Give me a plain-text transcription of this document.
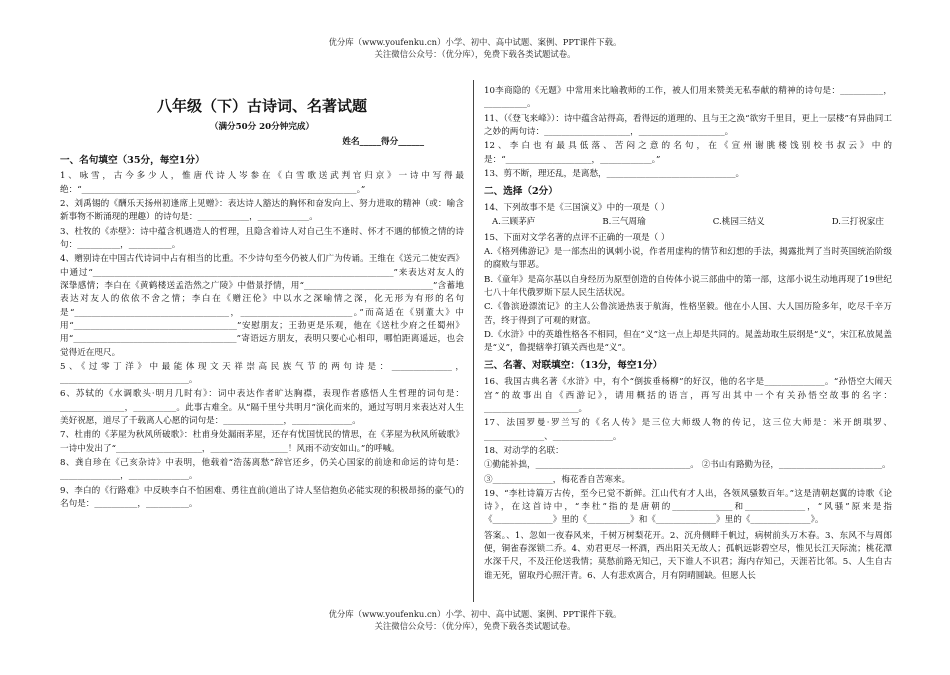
优分库（www.youfenku.cn）小学、初中、高中试题、案例、PPT课件下载。
关注微信公众号：（优分库），免费下载各类试题试卷。
八年级（下）古诗词、名著试题
（满分50分 20分钟完成）
姓名_____得分______
一、名句填空（35分，每空1分）
1、咏雪，古今多少人，惟唐代诗人岑参在《白雪歌送武判官归京》一诗中写得最绝：“________________________________________________________________。”
2、刘禹锡的《酬乐天扬州初逢席上见赠》：表达诗人豁达的胸怀和奋发向上、努力进取的精神（或：喻含新事物不断涌现的理趣）的诗句是：____________，____________。
3、杜牧的《赤壁》：诗中蕴含机遇造人的哲理，且隐含着诗人对自己生不逢时、怀才不遇的郁愤之情的诗句：__________，__________。
4、赠别诗在中国古代诗词中占有相当的比重。不少诗句至今仍被人们广为传诵。王维在《送元二使安西》中通过“______________________________________________________________________”来表达对友人的深挚感情；李白在《黄鹤楼送孟浩然之广陵》中借景抒情，用“______________________________”含蓄地表达对友人的依依不舍之情；李白在《赠汪伦》中以水之深喻情之深，化无形为有形的名句是“____________________________________，__________________________。”而高适在《别董大》中用“______________________________________”安慰朋友；王勃更是乐观，他在《送杜少府之任蜀州》用“______________________________________”寄语远方朋友，表明只要心心相印，哪怕距离遥远，也会觉得近在咫尺。
5、《过零丁洋》中最能体现文天祥崇高民族气节的两句诗是：______________，______________________________。
6、苏轼的《水调歌头·明月几时有》：词中表达作者旷达胸襟，表现作者感悟人生哲理的词句是：_______________，__________。此事古难全。从“隔千里兮共明月”演化而来的，通过写明月来表达对人生美好祝愿，道尽了千载离人心愿的词句是：______________，______________。
7、杜甫的《茅屋为秋风所破歌》：杜甫身处漏雨茅屋，还存有忧国忧民的情思，在《茅屋为秋风所破歌》一诗中发出了“____________________，__________________！风雨不动安如山。”的呼喊。
8、龚自珍在《己亥杂诗》中表明，他载着“浩荡离愁”辞官还乡，仍关心国家的前途和命运的诗句是：______________，______________。
9、李白的《行路难》中反映李白不怕困难、勇往直前(道出了诗人坚信抱负必能实现的积极昂扬的豪气)的名句是：__________，__________。
10李商隐的《无题》中常用来比喻教师的工作，被人们用来赞美无私奉献的精神的诗句是：__________，__________。
11、（《登飞来峰》）：诗中蕴含站得高，看得远的道理的、且与王之涣“欲穷千里目，更上一层楼”有异曲同工之妙的两句诗：____________________，____________________。
12、李白也有最具低落、苦闷之意的名句，在《宣州谢朓楼饯别校书叔云》中的是：“____________________，____________。”
13、剪不断，理还乱，是离愁，______________________________。
二、选择（2分）
14、下列故事不是《三国演义》中的一项是（ ）
A.三顾茅庐	B.三气周瑜	C.桃园三结义	D.三打祝家庄
15、下面对文学名著的点评不正确的一项是（ ）
A.《格列佛游记》是一部杰出的讽刺小说，作者用虚构的情节和幻想的手法，揭露批判了当时英国统治阶级的腐败与罪恶。
B.《童年》是高尔基以自身经历为原型创造的自传体小说三部曲中的第一部，这部小说生动地再现了19世纪七八十年代俄罗斯下层人民生活状况。
C.《鲁滨逊漂流记》的主人公鲁滨逊热衷于航海，性格坚毅。他在小人国、大人国历险多年，吃尽千辛万苦，终于得到了可观的财富。
D.《水浒》中的英雄性格各不相同，但在“义”这一点上却是共同的。晁盖劫取生辰纲是“义”，宋江私放晁盖是“义”，鲁提辖拳打镇关西也是“义”。
三、名著、对联填空：（13分，每空1分）
16、我国古典名著《水浒》中，有个“倒拔垂杨柳”的好汉，他的名字是______________。“孙悟空大闹天宫”的故事出自《西游记》，请用概括的语言，再写出其中一个有关孙悟空故事的名字：______________________。
17、法国罗曼·罗兰写的《名人传》是三位大师级人物的传记，这三位大师是：米开朗琪罗、______________、______________。
18、对动学的名联：
①勤能补拙，____________________________________。 ②书山有路勤为径，________________________。
③______________，梅花香自苦寒来。
19、“李杜诗篇万古传，至今已觉不新鲜。江山代有才人出，各领风骚数百年。”这是清朝赵翼的诗歌《论诗》，在这首诗中，“李杜”指的是唐朝的______________和______________，“风骚”原来是指《______________》里的《__________》和《______________》里的《______________》。
答案。、1、忽如一夜春风来，千树万树梨花开。2、沉舟侧畔千帆过，病树前头万木春。3、东风不与周郎便，铜雀春深锁二乔。4、劝君更尽一杯酒，西出阳关无故人；孤帆远影碧空尽，惟见长江天际流；桃花潭水深千尺，不及汪伦送我情；莫愁前路无知己，天下谁人不识君；海内存知己，天涯若比邻。5、人生自古谁无死，留取丹心照汗青。6、人有悲欢离合，月有阴晴圆缺。但愿人长
优分库（www.youfenku.cn）小学、初中、高中试题、案例、PPT课件下载。
关注微信公众号：（优分库），免费下载各类试题试卷。
